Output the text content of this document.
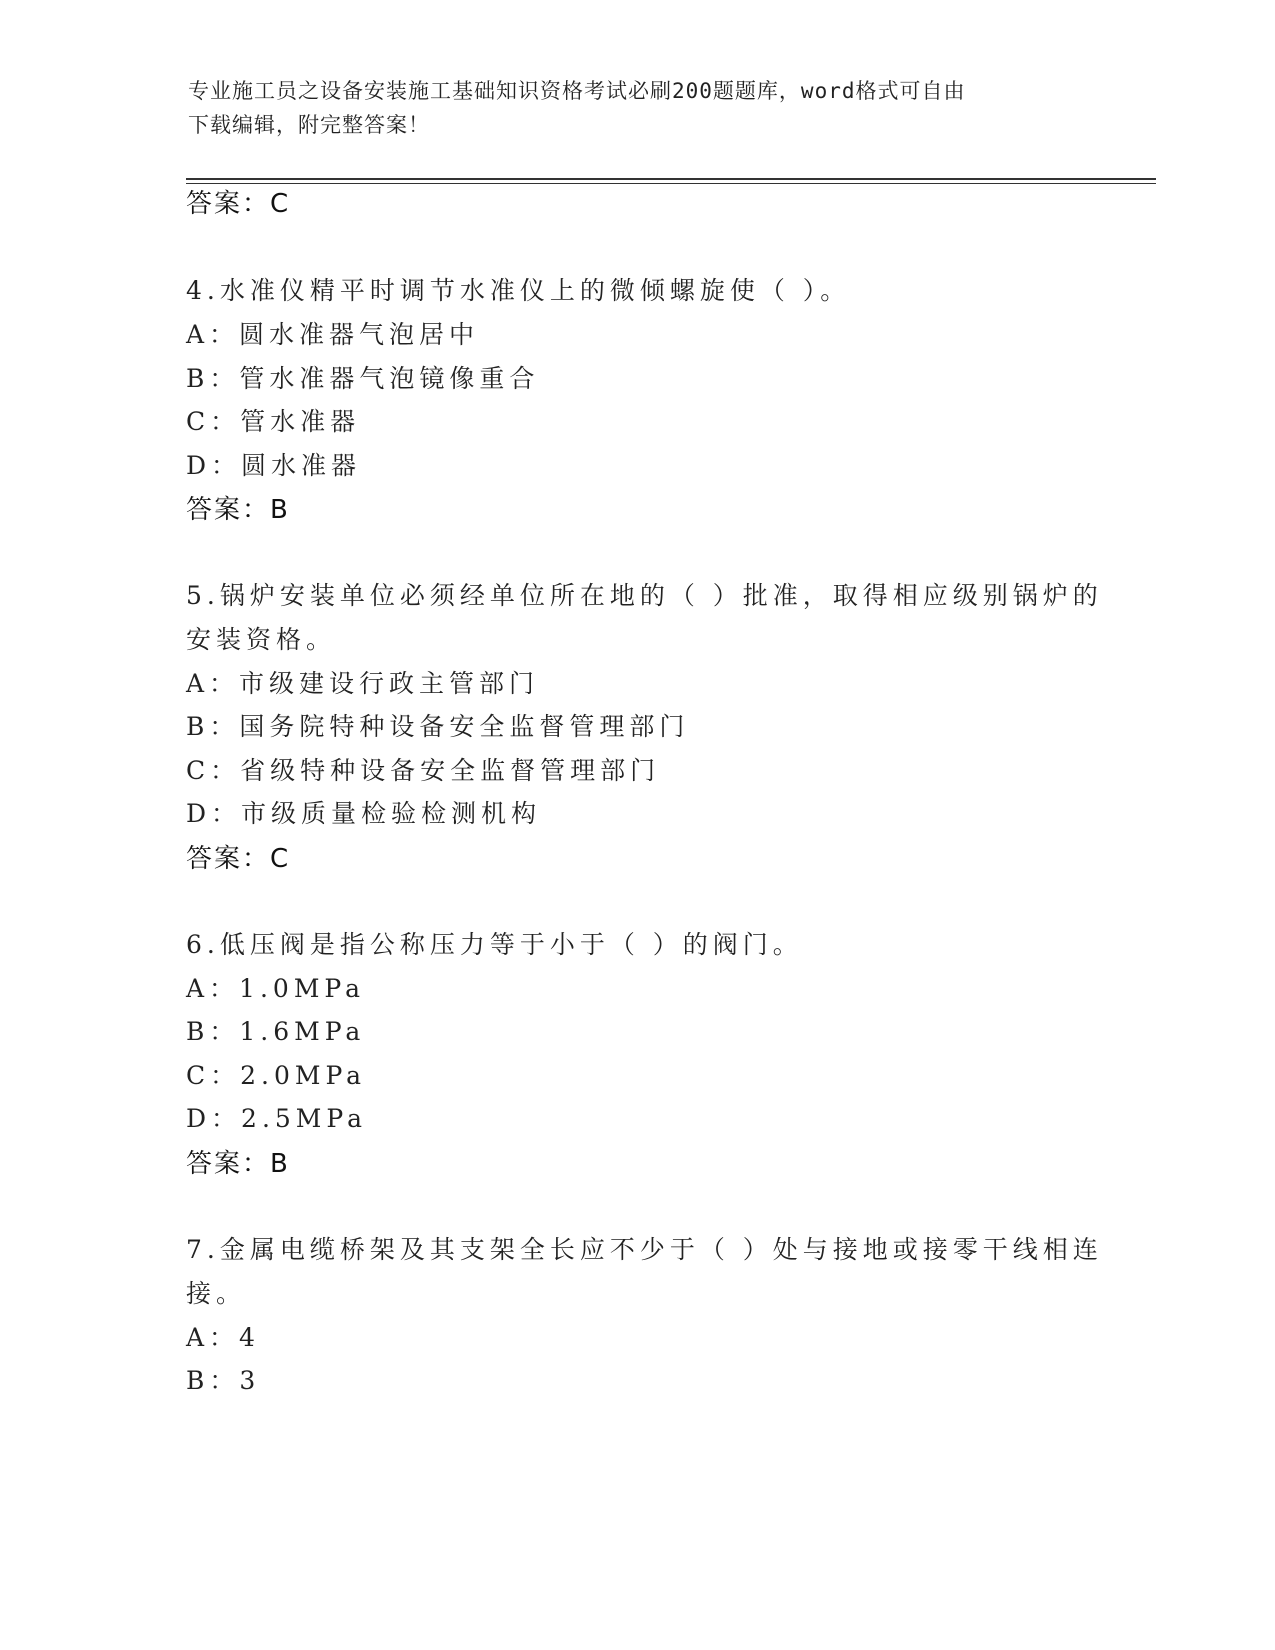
专业施工员之设备安装施工基础知识资格考试必刷200题题库，word格式可自由
下载编辑，附完整答案！
答案：C
4.水准仪精平时调节水准仪上的微倾螺旋使（ ）。
A：圆水准器气泡居中
B：管水准器气泡镜像重合
C：管水准器
D：圆水准器
答案：B
5.锅炉安装单位必须经单位所在地的（ ）批准，取得相应级别锅炉的
安装资格。
A：市级建设行政主管部门
B：国务院特种设备安全监督管理部门
C：省级特种设备安全监督管理部门
D：市级质量检验检测机构
答案：C
6.低压阀是指公称压力等于小于（ ）的阀门。
A：1.0MPa
B：1.6MPa
C：2.0MPa
D：2.5MPa
答案：B
7.金属电缆桥架及其支架全长应不少于（ ）处与接地或接零干线相连
接。
A：4
B：3
